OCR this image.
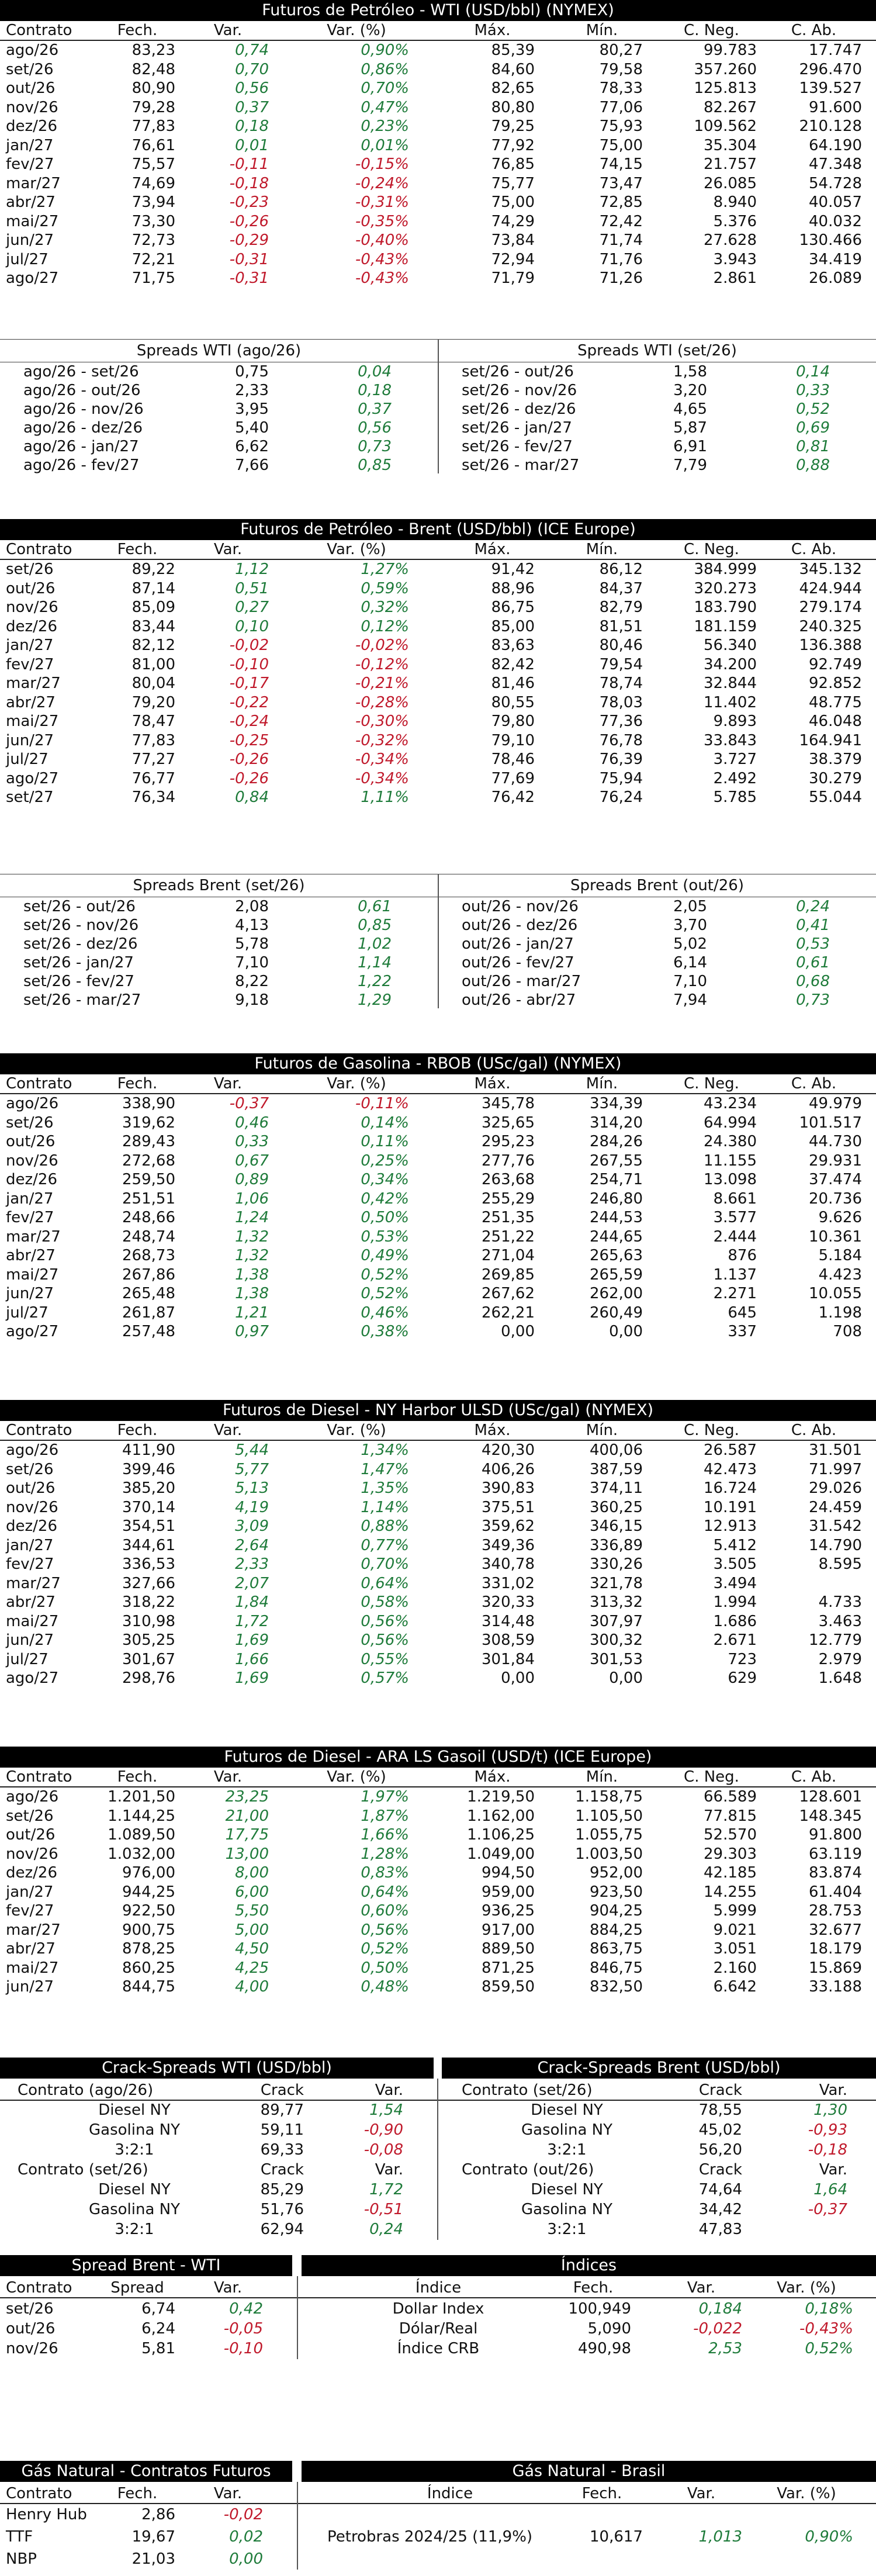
Futuros de Petróleo - WTI (USD/bbl) (NYMEX)
Contrato	Fech.	Var.	Var. (%)	Máx.	Mín.	C. Neg.	C. Ab.
ago/26	83,23	0,74	0,90%	85,39	80,27	99.783	17.747
set/26	82,48	0,70	0,86%	84,60	79,58	357.260	296.470
out/26	80,90	0,56	0,70%	82,65	78,33	125.813	139.527
nov/26	79,28	0,37	0,47%	80,80	77,06	82.267	91.600
dez/26	77,83	0,18	0,23%	79,25	75,93	109.562	210.128
jan/27	76,61	0,01	0,01%	77,92	75,00	35.304	64.190
fev/27	75,57	-0,11	-0,15%	76,85	74,15	21.757	47.348
mar/27	74,69	-0,18	-0,24%	75,77	73,47	26.085	54.728
abr/27	73,94	-0,23	-0,31%	75,00	72,85	8.940	40.057
mai/27	73,30	-0,26	-0,35%	74,29	72,42	5.376	40.032
jun/27	72,73	-0,29	-0,40%	73,84	71,74	27.628	130.466
jul/27	72,21	-0,31	-0,43%	72,94	71,76	3.943	34.419
ago/27	71,75	-0,31	-0,43%	71,79	71,26	2.861	26.089
Spreads WTI (ago/26)	Spreads WTI (set/26)
ago/26 - set/26	0,75	0,04	set/26 - out/26	1,58	0,14
ago/26 - out/26	2,33	0,18	set/26 - nov/26	3,20	0,33
ago/26 - nov/26	3,95	0,37	set/26 - dez/26	4,65	0,52
ago/26 - dez/26	5,40	0,56	set/26 - jan/27	5,87	0,69
ago/26 - jan/27	6,62	0,73	set/26 - fev/27	6,91	0,81
ago/26 - fev/27	7,66	0,85	set/26 - mar/27	7,79	0,88
Futuros de Petróleo - Brent (USD/bbl) (ICE Europe)
Contrato	Fech.	Var.	Var. (%)	Máx.	Mín.	C. Neg.	C. Ab.
set/26	89,22	1,12	1,27%	91,42	86,12	384.999	345.132
out/26	87,14	0,51	0,59%	88,96	84,37	320.273	424.944
nov/26	85,09	0,27	0,32%	86,75	82,79	183.790	279.174
dez/26	83,44	0,10	0,12%	85,00	81,51	181.159	240.325
jan/27	82,12	-0,02	-0,02%	83,63	80,46	56.340	136.388
fev/27	81,00	-0,10	-0,12%	82,42	79,54	34.200	92.749
mar/27	80,04	-0,17	-0,21%	81,46	78,74	32.844	92.852
abr/27	79,20	-0,22	-0,28%	80,55	78,03	11.402	48.775
mai/27	78,47	-0,24	-0,30%	79,80	77,36	9.893	46.048
jun/27	77,83	-0,25	-0,32%	79,10	76,78	33.843	164.941
jul/27	77,27	-0,26	-0,34%	78,46	76,39	3.727	38.379
ago/27	76,77	-0,26	-0,34%	77,69	75,94	2.492	30.279
set/27	76,34	0,84	1,11%	76,42	76,24	5.785	55.044
Spreads Brent (set/26)	Spreads Brent (out/26)
set/26 - out/26	2,08	0,61	out/26 - nov/26	2,05	0,24
set/26 - nov/26	4,13	0,85	out/26 - dez/26	3,70	0,41
set/26 - dez/26	5,78	1,02	out/26 - jan/27	5,02	0,53
set/26 - jan/27	7,10	1,14	out/26 - fev/27	6,14	0,61
set/26 - fev/27	8,22	1,22	out/26 - mar/27	7,10	0,68
set/26 - mar/27	9,18	1,29	out/26 - abr/27	7,94	0,73
Futuros de Gasolina - RBOB (USc/gal) (NYMEX)
Contrato	Fech.	Var.	Var. (%)	Máx.	Mín.	C. Neg.	C. Ab.
ago/26	338,90	-0,37	-0,11%	345,78	334,39	43.234	49.979
set/26	319,62	0,46	0,14%	325,65	314,20	64.994	101.517
out/26	289,43	0,33	0,11%	295,23	284,26	24.380	44.730
nov/26	272,68	0,67	0,25%	277,76	267,55	11.155	29.931
dez/26	259,50	0,89	0,34%	263,68	254,71	13.098	37.474
jan/27	251,51	1,06	0,42%	255,29	246,80	8.661	20.736
fev/27	248,66	1,24	0,50%	251,35	244,53	3.577	9.626
mar/27	248,74	1,32	0,53%	251,22	244,65	2.444	10.361
abr/27	268,73	1,32	0,49%	271,04	265,63	876	5.184
mai/27	267,86	1,38	0,52%	269,85	265,59	1.137	4.423
jun/27	265,48	1,38	0,52%	267,62	262,00	2.271	10.055
jul/27	261,87	1,21	0,46%	262,21	260,49	645	1.198
ago/27	257,48	0,97	0,38%	0,00	0,00	337	708
Futuros de Diesel - NY Harbor ULSD (USc/gal) (NYMEX)
Contrato	Fech.	Var.	Var. (%)	Máx.	Mín.	C. Neg.	C. Ab.
ago/26	411,90	5,44	1,34%	420,30	400,06	26.587	31.501
set/26	399,46	5,77	1,47%	406,26	387,59	42.473	71.997
out/26	385,20	5,13	1,35%	390,83	374,11	16.724	29.026
nov/26	370,14	4,19	1,14%	375,51	360,25	10.191	24.459
dez/26	354,51	3,09	0,88%	359,62	346,15	12.913	31.542
jan/27	344,61	2,64	0,77%	349,36	336,89	5.412	14.790
fev/27	336,53	2,33	0,70%	340,78	330,26	3.505	8.595
mar/27	327,66	2,07	0,64%	331,02	321,78	3.494
abr/27	318,22	1,84	0,58%	320,33	313,32	1.994	4.733
mai/27	310,98	1,72	0,56%	314,48	307,97	1.686	3.463
jun/27	305,25	1,69	0,56%	308,59	300,32	2.671	12.779
jul/27	301,67	1,66	0,55%	301,84	301,53	723	2.979
ago/27	298,76	1,69	0,57%	0,00	0,00	629	1.648
Futuros de Diesel - ARA LS Gasoil (USD/t) (ICE Europe)
Contrato	Fech.	Var.	Var. (%)	Máx.	Mín.	C. Neg.	C. Ab.
ago/26	1.201,50	23,25	1,97%	1.219,50	1.158,75	66.589	128.601
set/26	1.144,25	21,00	1,87%	1.162,00	1.105,50	77.815	148.345
out/26	1.089,50	17,75	1,66%	1.106,25	1.055,75	52.570	91.800
nov/26	1.032,00	13,00	1,28%	1.049,00	1.003,50	29.303	63.119
dez/26	976,00	8,00	0,83%	994,50	952,00	42.185	83.874
jan/27	944,25	6,00	0,64%	959,00	923,50	14.255	61.404
fev/27	922,50	5,50	0,60%	936,25	904,25	5.999	28.753
mar/27	900,75	5,00	0,56%	917,00	884,25	9.021	32.677
abr/27	878,25	4,50	0,52%	889,50	863,75	3.051	18.179
mai/27	860,25	4,25	0,50%	871,25	846,75	2.160	15.869
jun/27	844,75	4,00	0,48%	859,50	832,50	6.642	33.188
Crack-Spreads WTI (USD/bbl)	Crack-Spreads Brent (USD/bbl)
Contrato (ago/26)	Crack	Var.	Contrato (set/26)	Crack	Var.
Diesel NY	89,77	1,54	Diesel NY	78,55	1,30
Gasolina NY	59,11	-0,90	Gasolina NY	45,02	-0,93
3:2:1	69,33	-0,08	3:2:1	56,20	-0,18
Contrato (set/26)	Crack	Var.	Contrato (out/26)	Crack	Var.
Diesel NY	85,29	1,72	Diesel NY	74,64	1,64
Gasolina NY	51,76	-0,51	Gasolina NY	34,42	-0,37
3:2:1	62,94	0,24	3:2:1	47,83
Spread Brent - WTI	Índices
Contrato	Spread	Var.	Índice	Fech.	Var.	Var. (%)
set/26	6,74	0,42	Dollar Index	100,949	0,184	0,18%
out/26	6,24	-0,05	Dólar/Real	5,090	-0,022	-0,43%
nov/26	5,81	-0,10	Índice CRB	490,98	2,53	0,52%
Gás Natural - Contratos Futuros	Gás Natural - Brasil
Contrato	Fech.	Var.	Índice	Fech.	Var.	Var. (%)
Henry Hub	2,86	-0,02
TTF	19,67	0,02	Petrobras 2024/25 (11,9%)	10,617	1,013	0,90%
NBP	21,03	0,00
